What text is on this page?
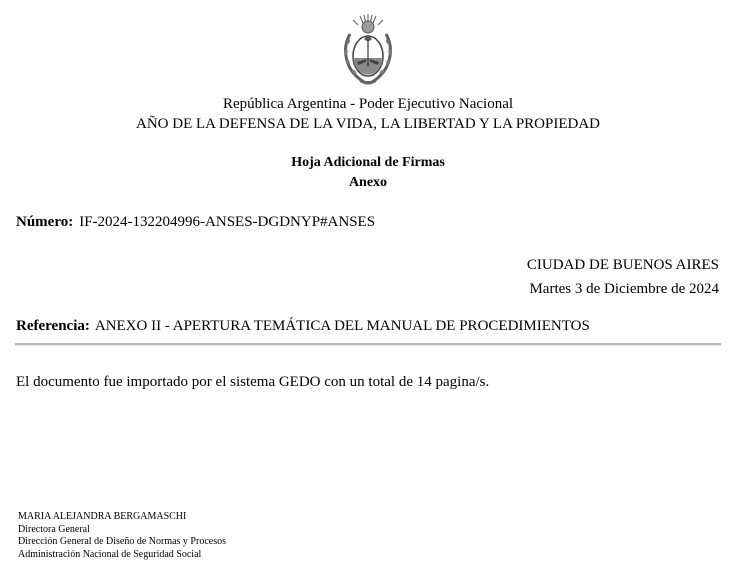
República Argentina - Poder Ejecutivo Nacional
AÑO DE LA DEFENSA DE LA VIDA, LA LIBERTAD Y LA PROPIEDAD
Hoja Adicional de Firmas
Anexo
Número: IF-2024-132204996-ANSES-DGDNYP#ANSES
CIUDAD DE BUENOS AIRES
Martes 3 de Diciembre de 2024
Referencia: ANEXO II - APERTURA TEMÁTICA DEL MANUAL DE PROCEDIMIENTOS
El documento fue importado por el sistema GEDO con un total de 14 pagina/s.
MARIA ALEJANDRA BERGAMASCHI
Directora General
Dirección General de Diseño de Normas y Procesos
Administración Nacional de Seguridad Social
